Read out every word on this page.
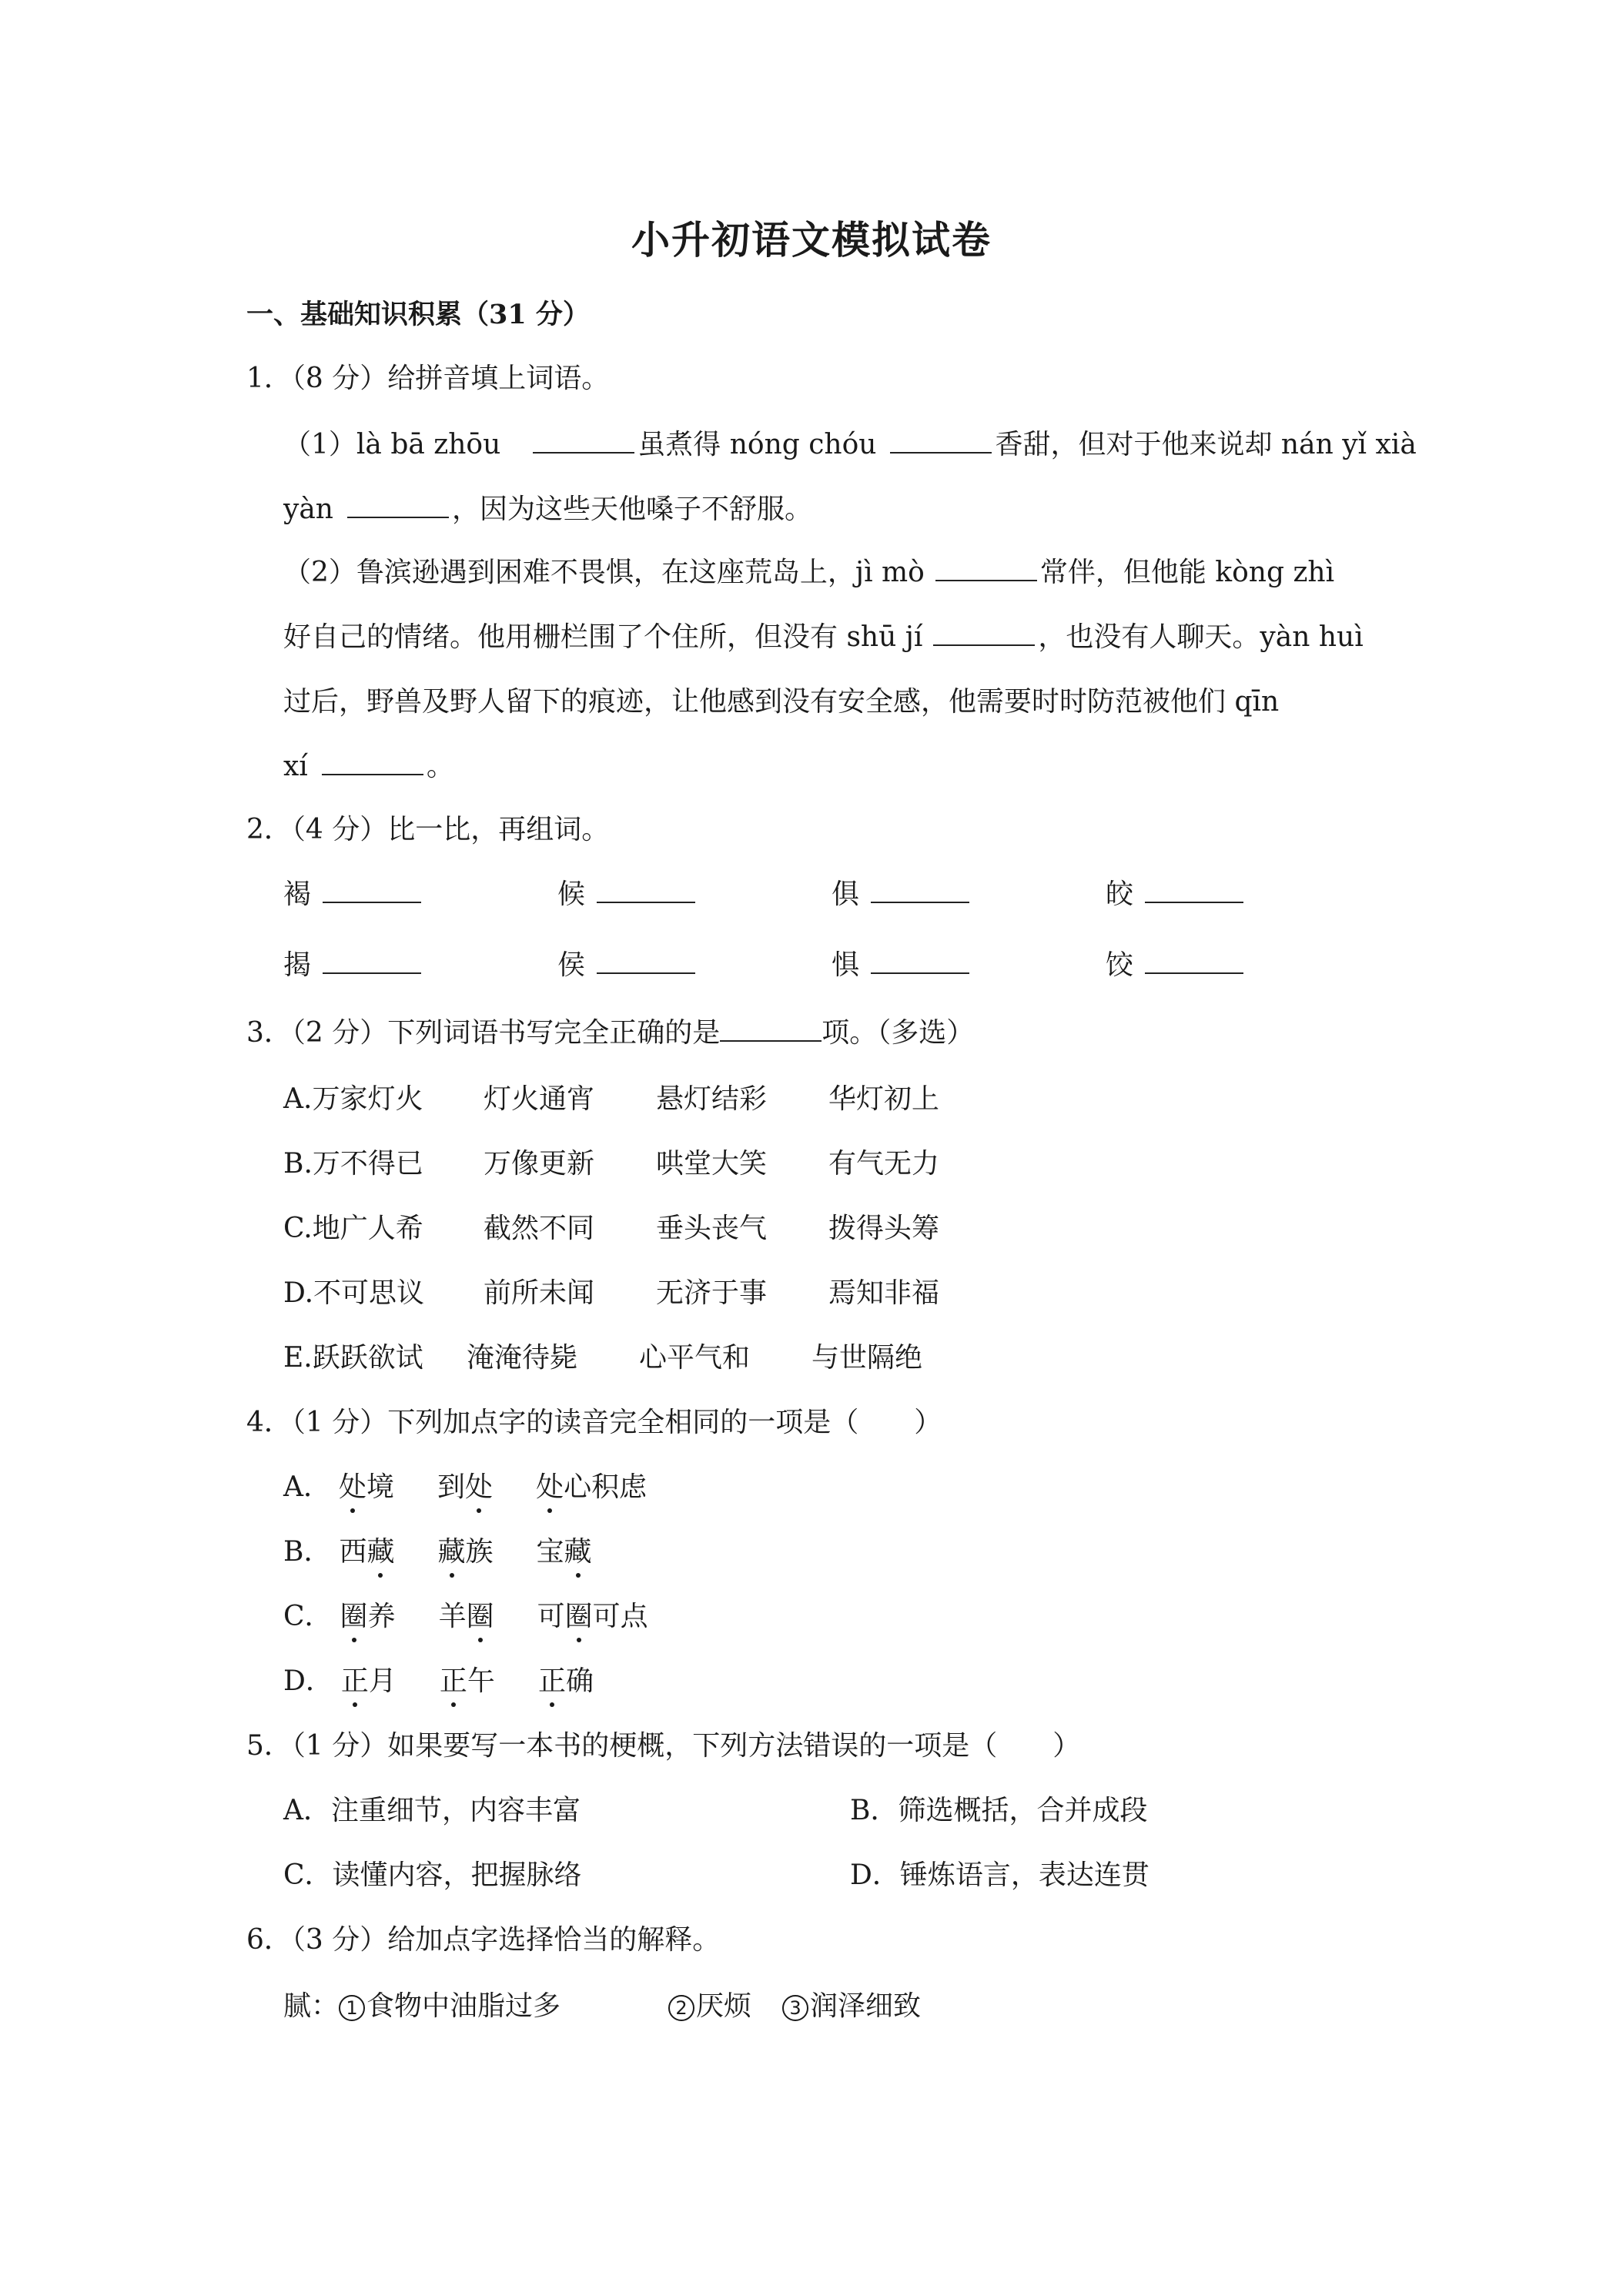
小升初语文模拟试卷
一、基础知识积累（31 分）
1．（8 分）给拼音填上词语。
（1）là bā zhōu	虽煮得 nóng chóu	香甜，但对于他来说却 nán yǐ xià
yàn	，因为这些天他嗓子不舒服。
（2）鲁滨逊遇到困难不畏惧，在这座荒岛上，jì mò	常伴，但他能 kòng zhì
好自己的情绪。他用栅栏围了个住所，但没有 shū jí	，也没有人聊天。yàn huì
过后，野兽及野人留下的痕迹，让他感到没有安全感，他需要时时防范被他们 qīn
xí	。
2．（4 分）比一比，再组词。
褐	候	俱	皎
揭	侯	惧	饺
3．（2 分）下列词语书写完全正确的是	项。（多选）
A.万家灯火 灯火通宵 悬灯结彩 华灯初上
B.万不得已 万像更新 哄堂大笑 有气无力
C.地广人希 截然不同 垂头丧气 拨得头筹
D.不可思议 前所未闻 无济于事 焉知非福
E.跃跃欲试 淹淹待毙 心平气和 与世隔绝
4．（1 分）下列加点字的读音完全相同的一项是（　　）
A． 处境 到处 处心积虑
B． 西藏 藏族 宝藏
C． 圈养 羊圈 可圈可点
D． 正月 正午 正确
5．（1 分）如果要写一本书的梗概，下列方法错误的一项是（　　）
A．注重细节，内容丰富	B．筛选概括，合并成段
C．读懂内容，把握脉络	D．锤炼语言，表达连贯
6．（3 分）给加点字选择恰当的解释。
腻： 1 食物中油脂过多	2 厌烦 3 润泽细致
